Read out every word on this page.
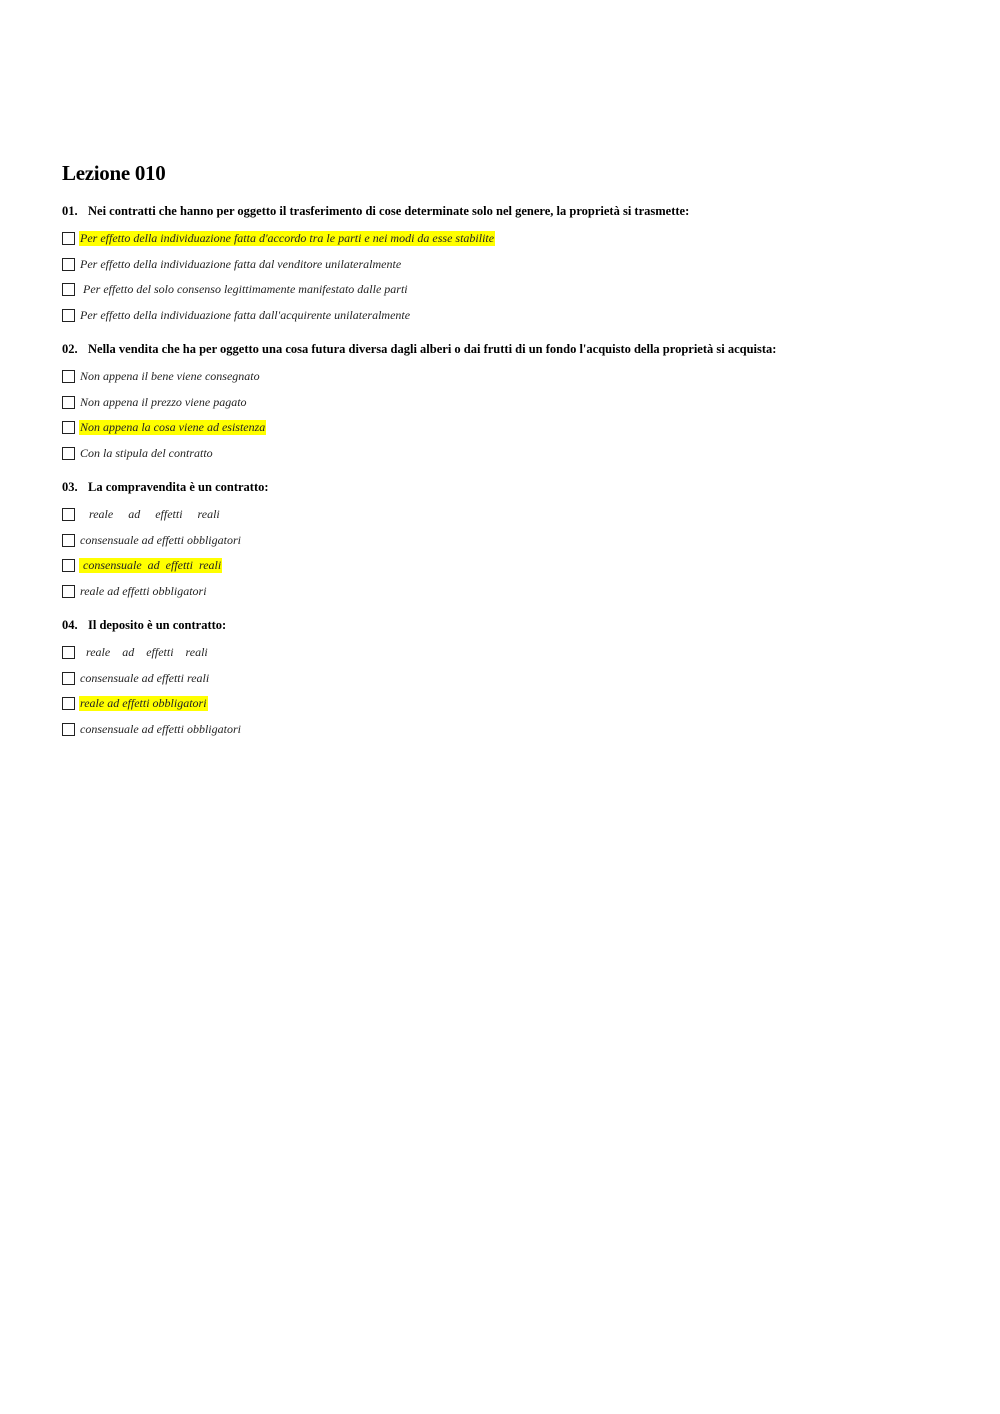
Lezione 010

01. Nei contratti che hanno per oggetto il trasferimento di cose determinate solo nel genere, la proprietà si trasmette:

Per effetto della individuazione fatta d'accordo tra le parti e nei modi da esse stabilite
Per effetto della individuazione fatta dal venditore unilateralmente
Per effetto del solo consenso legittimamente manifestato dalle parti
Per effetto della individuazione fatta dall'acquirente unilateralmente

02. Nella vendita che ha per oggetto una cosa futura diversa dagli alberi o dai frutti di un fondo l'acquisto della proprietà si acquista:

Non appena il bene viene consegnato
Non appena il prezzo viene pagato
Non appena la cosa viene ad esistenza
Con la stipula del contratto

03. La compravendita è un contratto:

reale     ad     effetti     reali
consensuale ad effetti obbligatori
consensuale  ad  effetti  reali
reale ad effetti obbligatori

04. Il deposito è un contratto:

reale    ad    effetti    reali
consensuale ad effetti reali
reale ad effetti obbligatori
consensuale ad effetti obbligatori
